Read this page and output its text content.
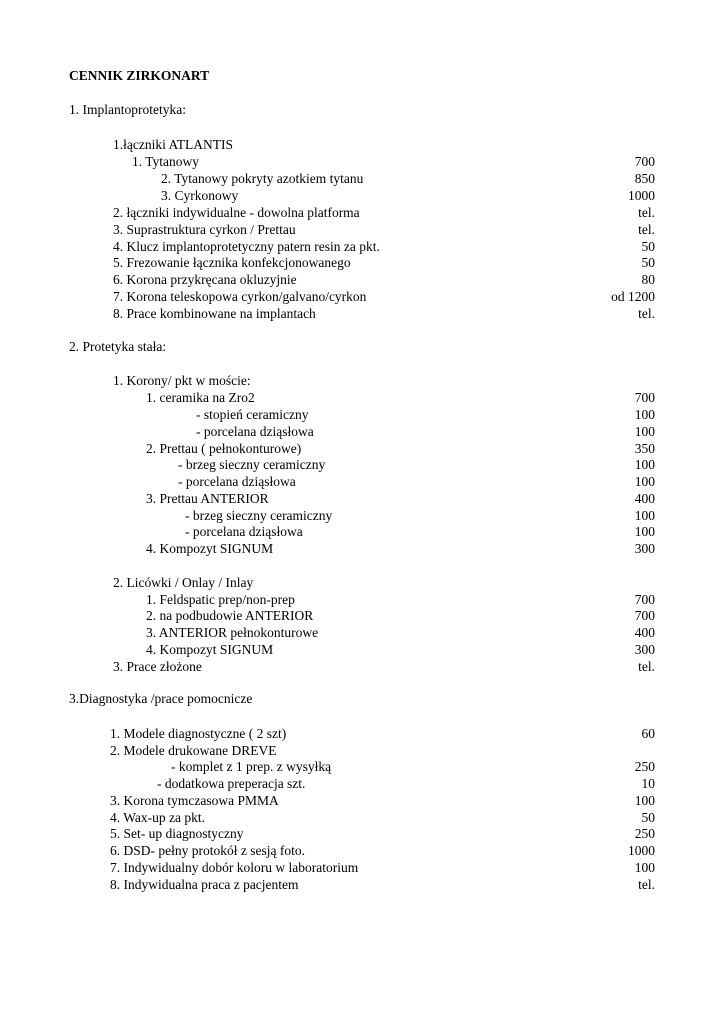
CENNIK ZIRKONART
1. Implantoprotetyka:
1.łączniki ATLANTIS
1. Tytanowy	700
2. Tytanowy pokryty azotkiem tytanu	850
3. Cyrkonowy	1000
2. łączniki indywidualne - dowolna platforma	tel.
3. Suprastruktura cyrkon / Prettau	tel.
4. Klucz implantoprotetyczny patern resin za pkt.	50
5. Frezowanie łącznika konfekcjonowanego	50
6. Korona przykręcana okluzyjnie	80
7. Korona teleskopowa cyrkon/galvano/cyrkon	od 1200
8. Prace kombinowane na implantach	tel.
2. Protetyka stała:
1. Korony/ pkt w moście:
1. ceramika na Zro2	700
- stopień ceramiczny	100
- porcelana dziąsłowa	100
2. Prettau ( pełnokonturowe)	350
- brzeg sieczny ceramiczny	100
- porcelana dziąsłowa	100
3. Prettau ANTERIOR	400
- brzeg sieczny ceramiczny	100
- porcelana dziąsłowa	100
4. Kompozyt SIGNUM	300
2. Licówki / Onlay / Inlay
1. Feldspatic prep/non-prep	700
2. na podbudowie ANTERIOR	700
3. ANTERIOR pełnokonturowe	400
4. Kompozyt SIGNUM	300
3. Prace złożone	tel.
3.Diagnostyka /prace pomocnicze
1. Modele diagnostyczne ( 2 szt)	60
2. Modele drukowane DREVE
- komplet z 1 prep. z wysyłką	250
- dodatkowa preperacja szt.	10
3. Korona tymczasowa PMMA	100
4. Wax-up za pkt.	50
5. Set- up diagnostyczny	250
6. DSD- pełny protokół z sesją foto.	1000
7. Indywidualny dobór koloru w laboratorium	100
8. Indywidualna praca z pacjentem	tel.
